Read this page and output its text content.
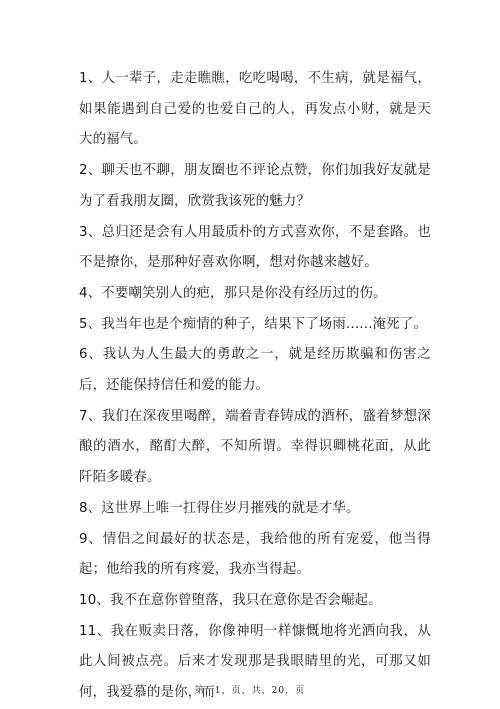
1、人一辈子，走走瞧瞧，吃吃喝喝，不生病，就是福气，如果能遇到自己爱的也爱自己的人，再发点小财，就是天大的福气。

2、聊天也不聊，朋友圈也不评论点赞，你们加我好友就是为了看我朋友圈，欣赏我该死的魅力？

3、总归还是会有人用最质朴的方式喜欢你，不是套路。也不是撩你，是那种好喜欢你啊，想对你越来越好。

4、不要嘲笑别人的疤，那只是你没有经历过的伤。

5、我当年也是个痴情的种子，结果下了场雨......淹死了。

6、我认为人生最大的勇敢之一，就是经历欺骗和伤害之后，还能保持信任和爱的能力。

7、我们在深夜里喝醉，端着青春铸成的酒杯，盛着梦想深酿的酒水，酩酊大醉，不知所谓。幸得识卿桃花面，从此阡陌多暖春。

8、这世界上唯一扛得住岁月摧残的就是才华。

9、情侣之间最好的状态是，我给他的所有宠爱，他当得起；他给我的所有疼爱，我亦当得起。

10、我不在意你曾堕落，我只在意你是否会崛起。

11、我在贩卖日落，你像神明一样慷慨地将光洒向我，从此人间被点亮。后来才发现那是我眼睛里的光，可那又如何，我爱慕的是你，而

第，1，页，共，20，页
